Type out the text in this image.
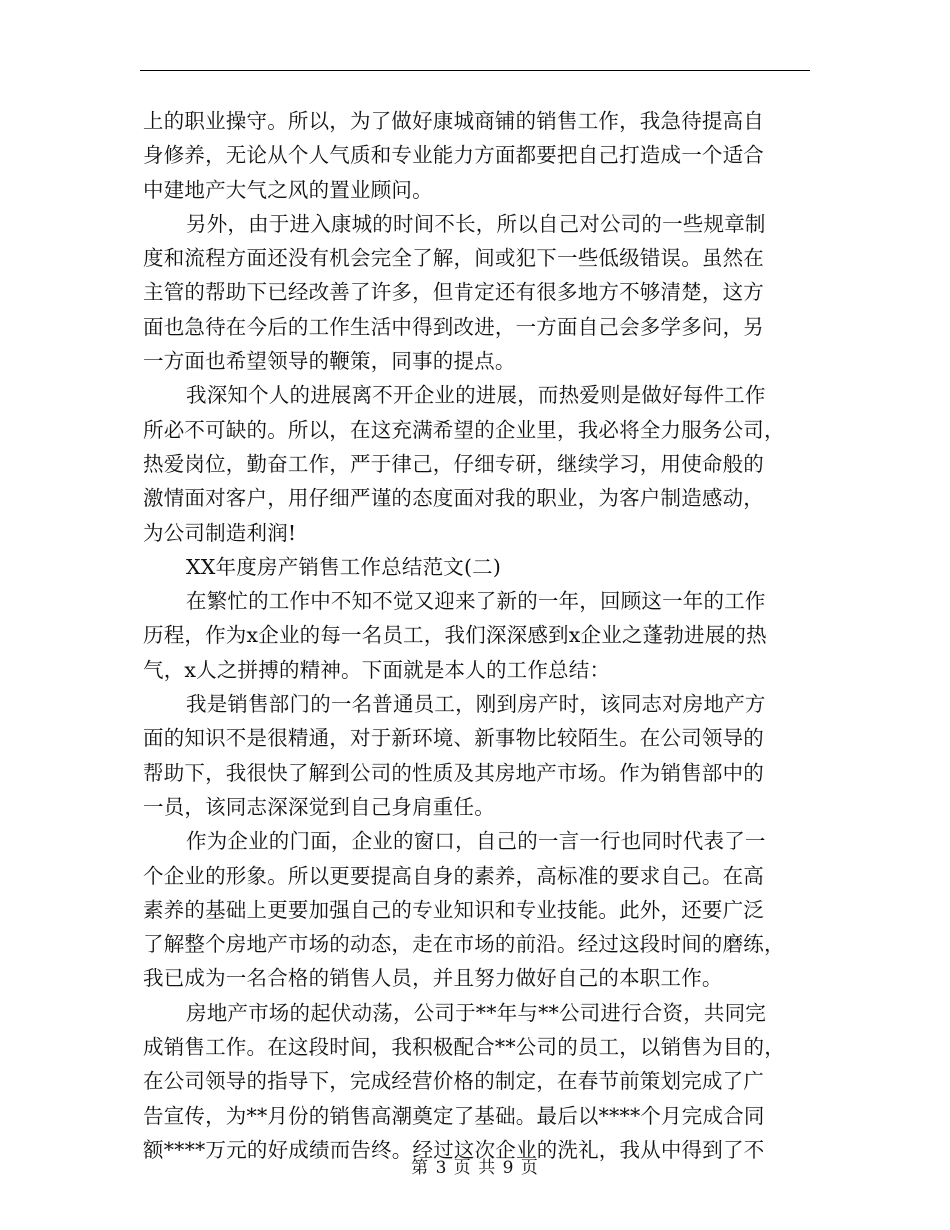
上的职业操守。所以，为了做好康城商铺的销售工作，我急待提高自
身修养，无论从个人气质和专业能力方面都要把自己打造成一个适合
中建地产大气之风的置业顾问。
另外，由于进入康城的时间不长，所以自己对公司的一些规章制
度和流程方面还没有机会完全了解，间或犯下一些低级错误。虽然在
主管的帮助下已经改善了许多，但肯定还有很多地方不够清楚，这方
面也急待在今后的工作生活中得到改进，一方面自己会多学多问，另
一方面也希望领导的鞭策，同事的提点。
我深知个人的进展离不开企业的进展，而热爱则是做好每件工作
所必不可缺的。所以，在这充满希望的企业里，我必将全力服务公司，
热爱岗位，勤奋工作，严于律己，仔细专研，继续学习，用使命般的
激情面对客户，用仔细严谨的态度面对我的职业，为客户制造感动，
为公司制造利润!
XX年度房产销售工作总结范文(二)
在繁忙的工作中不知不觉又迎来了新的一年，回顾这一年的工作
历程，作为x企业的每一名员工，我们深深感到x企业之蓬勃进展的热
气，x人之拼搏的精神。下面就是本人的工作总结：
我是销售部门的一名普通员工，刚到房产时，该同志对房地产方
面的知识不是很精通，对于新环境、新事物比较陌生。在公司领导的
帮助下，我很快了解到公司的性质及其房地产市场。作为销售部中的
一员，该同志深深觉到自己身肩重任。
作为企业的门面，企业的窗口，自己的一言一行也同时代表了一
个企业的形象。所以更要提高自身的素养，高标准的要求自己。在高
素养的基础上更要加强自己的专业知识和专业技能。此外，还要广泛
了解整个房地产市场的动态，走在市场的前沿。经过这段时间的磨练，
我已成为一名合格的销售人员，并且努力做好自己的本职工作。
房地产市场的起伏动荡，公司于**年与**公司进行合资，共同完
成销售工作。在这段时间，我积极配合**公司的员工，以销售为目的，
在公司领导的指导下，完成经营价格的制定，在春节前策划完成了广
告宣传，为**月份的销售高潮奠定了基础。最后以****个月完成合同
额****万元的好成绩而告终。经过这次企业的洗礼，我从中得到了不
第 3 页 共 9 页
